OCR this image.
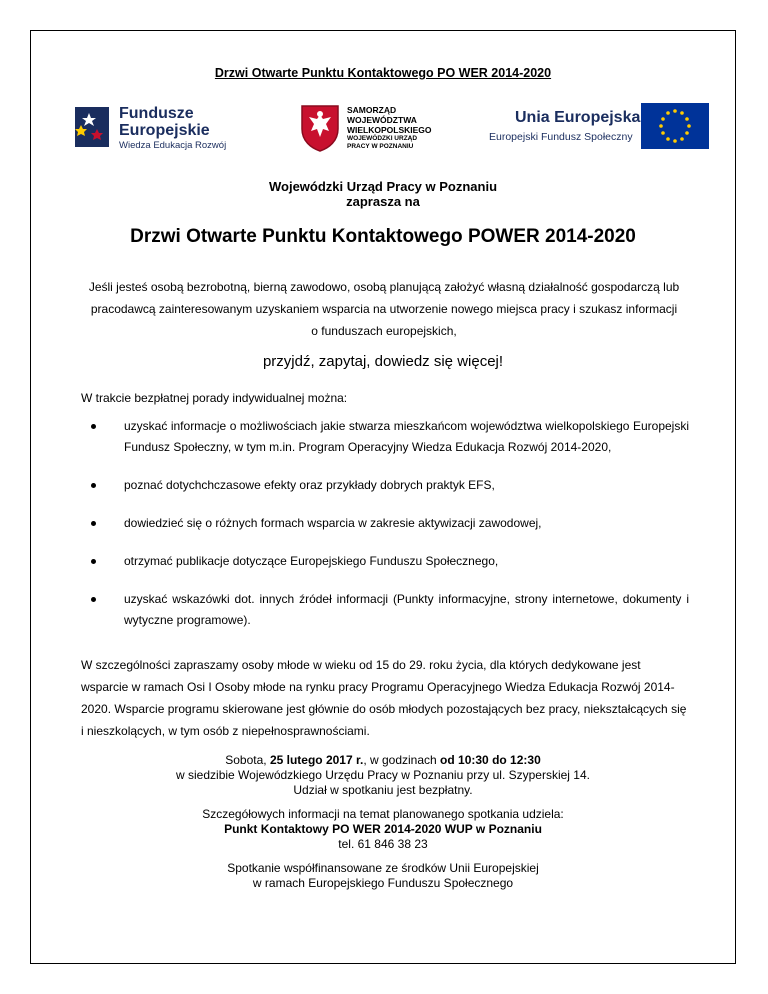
Drzwi Otwarte Punktu Kontaktowego PO WER 2014-2020
Fundusze
Europejskie
Wiedza Edukacja Rozwój
SAMORZĄD WOJEWÓDZTWA WIELKOPOLSKIEGO
WOJEWÓDZKI URZĄD PRACY W POZNANIU
Unia Europejska
Europejski Fundusz Społeczny
Wojewódzki Urząd Pracy w Poznaniu
zaprasza na
Drzwi Otwarte Punktu Kontaktowego POWER 2014-2020
Jeśli jesteś osobą bezrobotną, bierną zawodowo, osobą planującą założyć własną działalność gospodarczą lub pracodawcą zainteresowanym uzyskaniem wsparcia na utworzenie nowego miejsca pracy i szukasz informacji o funduszach europejskich,
przyjdź, zapytaj, dowiedz się więcej!
W trakcie bezpłatnej porady indywidualnej można:
uzyskać informacje o możliwościach jakie stwarza mieszkańcom województwa wielkopolskiego Europejski Fundusz Społeczny, w tym m.in. Program Operacyjny Wiedza Edukacja Rozwój 2014-2020,
poznać dotychchczasowe efekty oraz przykłady dobrych praktyk EFS,
dowiedzieć się o różnych formach wsparcia w zakresie aktywizacji zawodowej,
otrzymać publikacje dotyczące Europejskiego Funduszu Społecznego,
uzyskać wskazówki dot. innych źródeł informacji (Punkty informacyjne, strony internetowe, dokumenty i wytyczne programowe).
W szczególności zapraszamy osoby młode w wieku od 15 do 29. roku życia, dla których dedykowane jest wsparcie w ramach Osi I Osoby młode na rynku pracy Programu Operacyjnego Wiedza Edukacja Rozwój 2014-2020. Wsparcie programu skierowane jest głównie do osób młodych pozostających bez pracy, niekształcących się i nieszkolących, w tym osób z niepełnosprawnościami.
Sobota, 25 lutego 2017 r., w godzinach od 10:30 do 12:30
w siedzibie Wojewódzkiego Urzędu Pracy w Poznaniu przy ul. Szyperskiej 14.
Udział w spotkaniu jest bezpłatny.
Szczegółowych informacji na temat planowanego spotkania udziela:
Punkt Kontaktowy PO WER 2014-2020 WUP w Poznaniu
tel. 61 846 38 23
Spotkanie współfinansowane ze środków Unii Europejskiej
w ramach Europejskiego Funduszu Społecznego
